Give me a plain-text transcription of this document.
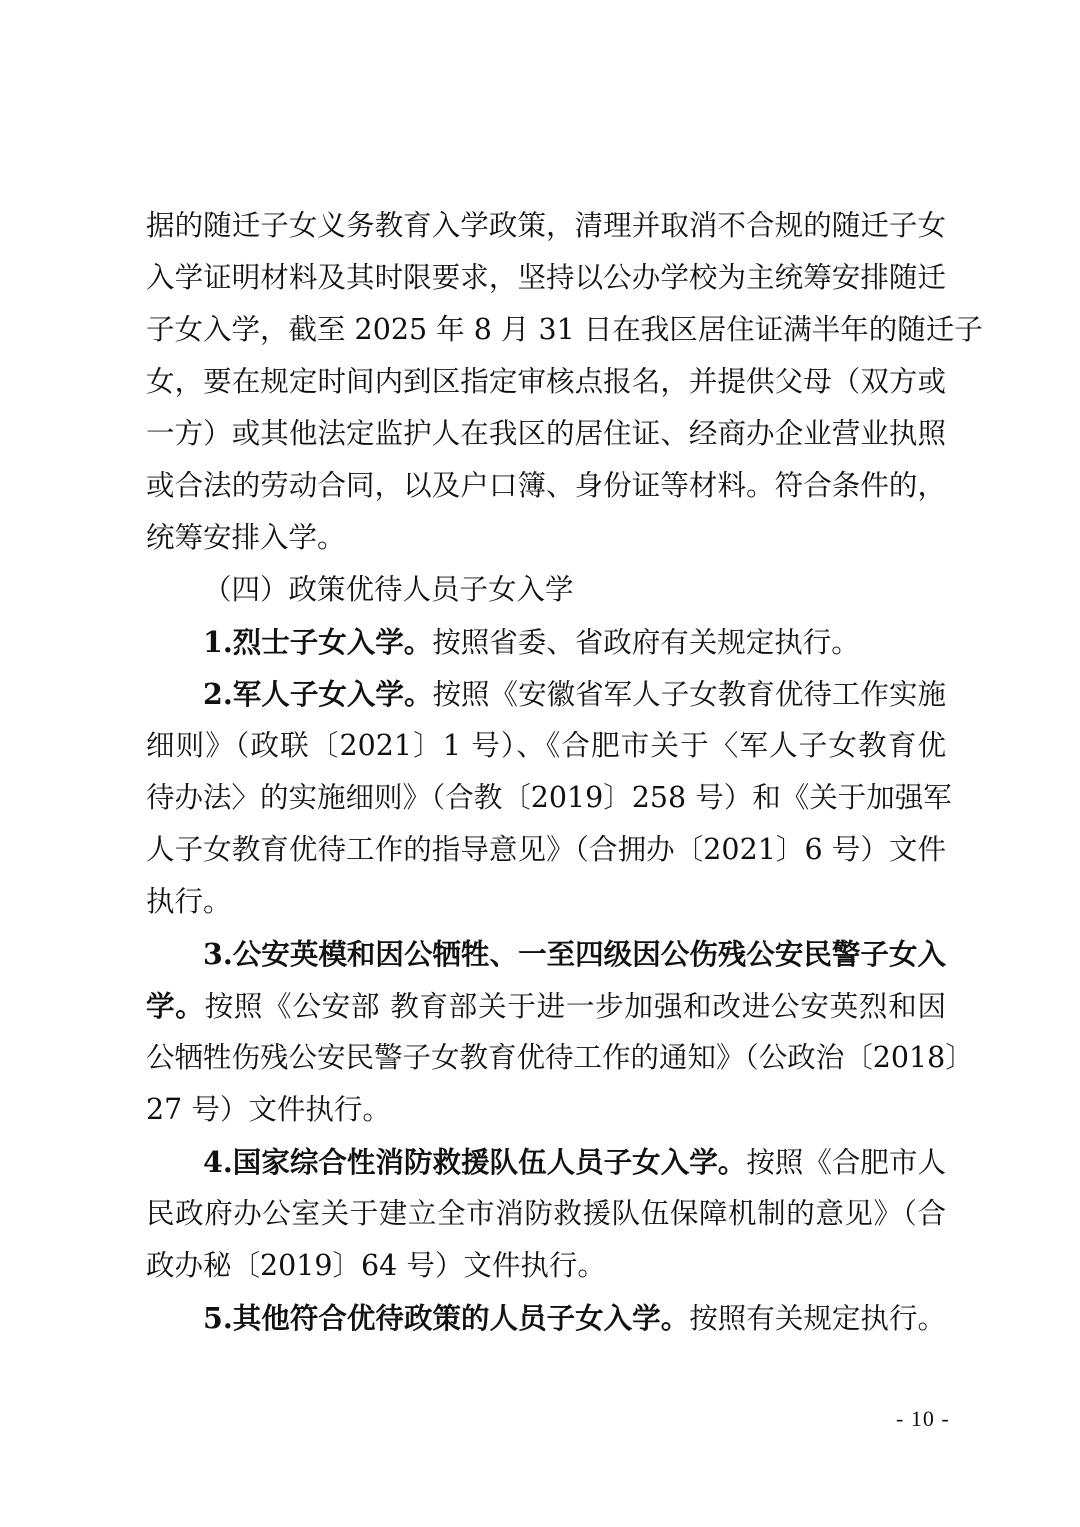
据的随迁子女义务教育入学政策，清理并取消不合规的随迁子女
入学证明材料及其时限要求，坚持以公办学校为主统筹安排随迁
子女入学，截至 2025 年 8 月 31 日在我区居住证满半年的随迁子
女，要在规定时间内到区指定审核点报名，并提供父母（双方或
一方）或其他法定监护人在我区的居住证、经商办企业营业执照
或合法的劳动合同，以及户口簿、身份证等材料。符合条件的，
统筹安排入学。
（四）政策优待人员子女入学
1.烈士子女入学。按照省委、省政府有关规定执行。
2.军人子女入学。按照《安徽省军人子女教育优待工作实施
细则》（政联〔2021〕1 号）、《合肥市关于〈军人子女教育优
待办法〉的实施细则》（合教〔2019〕258 号）和《关于加强军
人子女教育优待工作的指导意见》（合拥办〔2021〕6 号）文件
执行。
3.公安英模和因公牺牲、一至四级因公伤残公安民警子女入
学。按照《公安部 教育部关于进一步加强和改进公安英烈和因
公牺牲伤残公安民警子女教育优待工作的通知》（公政治〔2018〕
27 号）文件执行。
4.国家综合性消防救援队伍人员子女入学。按照《合肥市人
民政府办公室关于建立全市消防救援队伍保障机制的意见》（合
政办秘〔2019〕64 号）文件执行。
5.其他符合优待政策的人员子女入学。按照有关规定执行。
- 10 -
